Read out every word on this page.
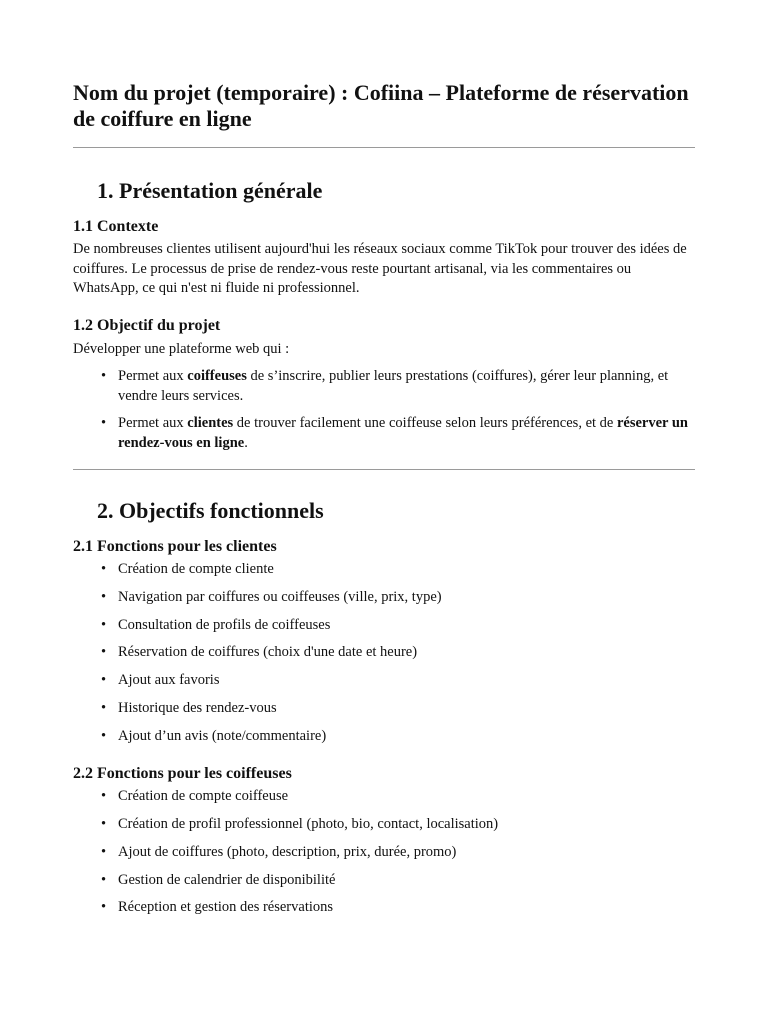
Nom du projet (temporaire) : Cofiina – Plateforme de réservation de coiffure en ligne
1. Présentation générale
1.1 Contexte

De nombreuses clientes utilisent aujourd'hui les réseaux sociaux comme TikTok pour trouver des idées de coiffures. Le processus de prise de rendez-vous reste pourtant artisanal, via les commentaires ou WhatsApp, ce qui n'est ni fluide ni professionnel.

1.2 Objectif du projet

Développer une plateforme web qui :

• Permet aux coiffeuses de s’inscrire, publier leurs prestations (coiffures), gérer leur planning, et vendre leurs services.
• Permet aux clientes de trouver facilement une coiffeuse selon leurs préférences, et de réserver un rendez-vous en ligne.
2. Objectifs fonctionnels
2.1 Fonctions pour les clientes
• Création de compte cliente
• Navigation par coiffures ou coiffeuses (ville, prix, type)
• Consultation de profils de coiffeuses
• Réservation de coiffures (choix d'une date et heure)
• Ajout aux favoris
• Historique des rendez-vous
• Ajout d’un avis (note/commentaire)
2.2 Fonctions pour les coiffeuses
• Création de compte coiffeuse
• Création de profil professionnel (photo, bio, contact, localisation)
• Ajout de coiffures (photo, description, prix, durée, promo)
• Gestion de calendrier de disponibilité
• Réception et gestion des réservations
